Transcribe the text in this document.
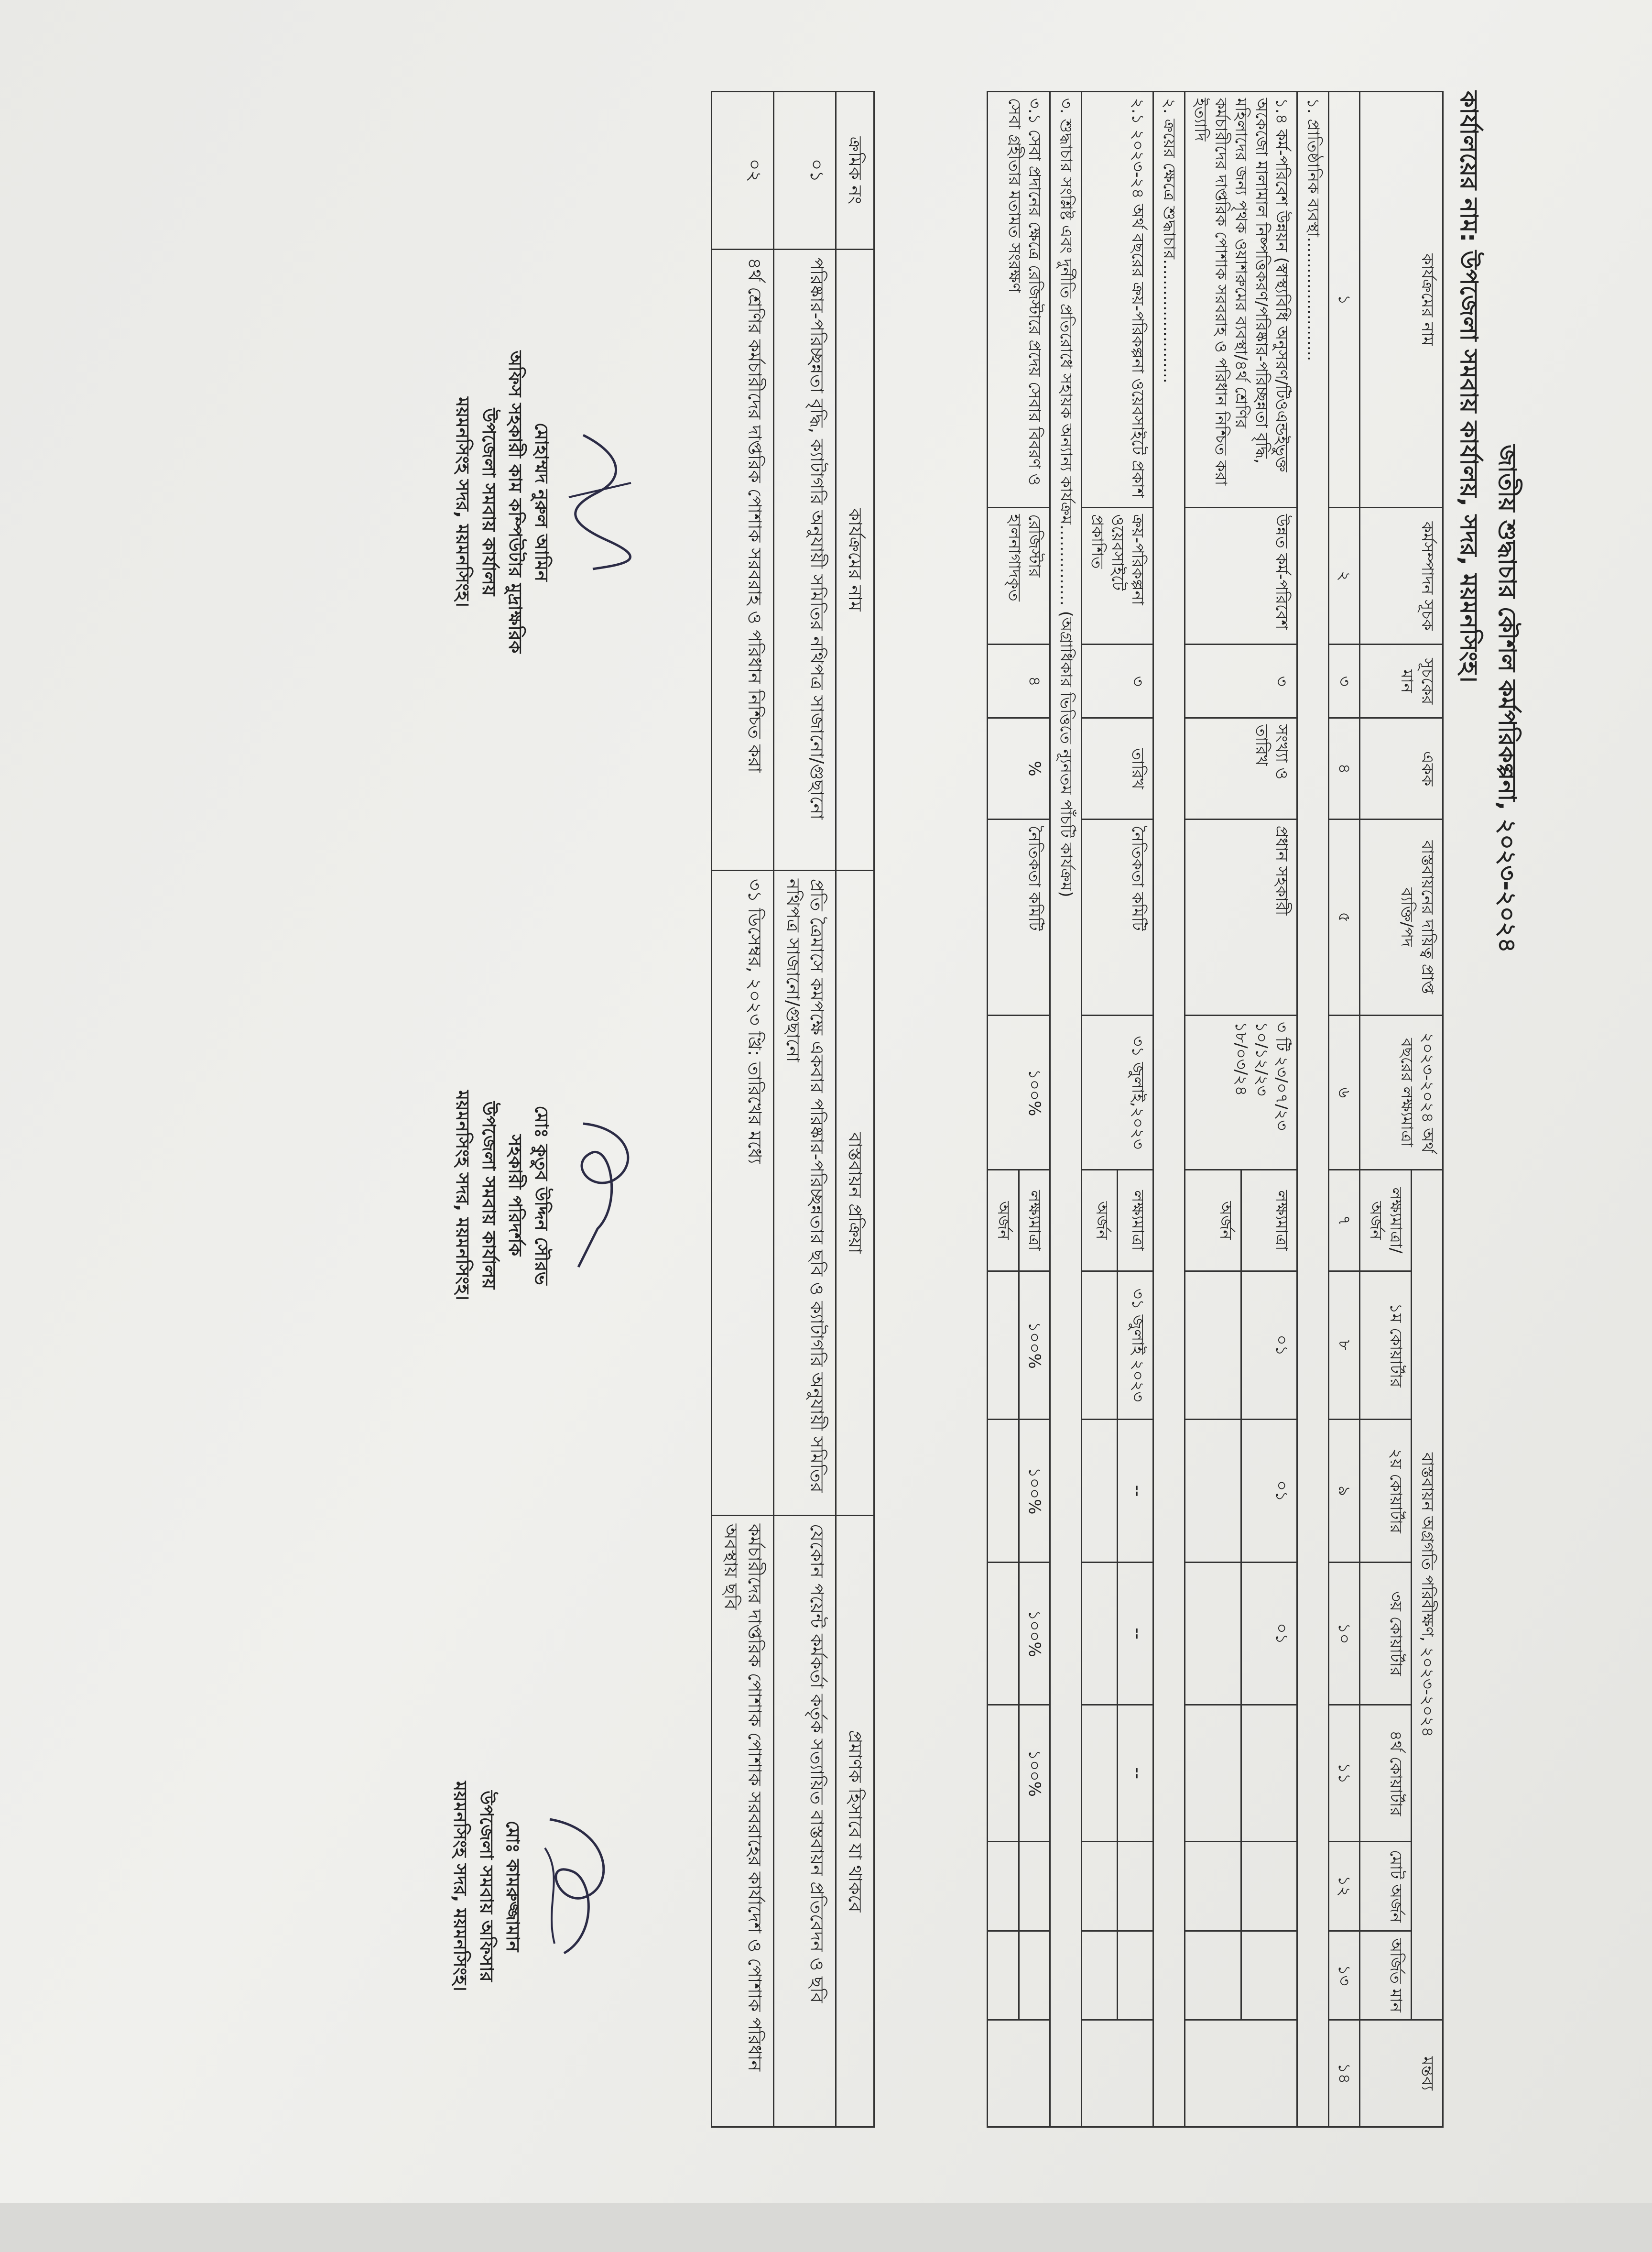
জাতীয় শুদ্ধাচার কৌশল কর্মপরিকল্পনা, ২০২৩-২০২৪
কার্যালয়ের নাম: উপজেলা সমবায় কার্যালয়, সদর, ময়মনসিংহ।
কার্যক্রমের নাম	কর্মসম্পাদন সূচক	সূচকের মান	একক	বাস্তবায়নের দায়িত্ব প্রাপ্ত ব্যক্তি/পদ	২০২৩-২০২৪ অর্থ বছরের লক্ষ্যমাত্রা	বাস্তবায়ন অগ্রগতি পরিবীক্ষণ, ২০২৩-২০২৪							মন্তব্য
						লক্ষ্যমাত্রা/ অর্জন	১ম কোয়ার্টার	২য় কোয়ার্টার	৩য় কোয়ার্টার	৪র্থ কোয়ার্টার	মোট অর্জন	অর্জিত মান	
১	২	৩	৪	৫	৬	৭	৮	৯	১০	১১	১২	১৩	১৪
১. প্রাতিষ্ঠানিক ব্যবস্থা........................													
১.৪ কর্ম-পরিবেশ উন্নয়ন (স্বাস্থ্যবিধি অনুসরণ/টিওএন্ডইভুক্ত অকেজো মালামাল নিষ্পত্তিকরণ/পরিষ্কার-পরিচ্ছন্নতা বৃদ্ধি, মহিলাদের জন্য পৃথক ওয়াশরুমের ব্যবস্থা/৪র্থ শ্রেণির কর্মচারীদের দাপ্তরিক পোশাক সরবরাহ ও পরিধান নিশ্চিত করা ইত্যাদি	উন্নত কর্ম-পরিবেশ	৩	সংখ্যা ও তারিখ	প্রধান সহকারী	৩ টি ২৩/০৭/২৩ ১০/১২/২৩ ১৮/০৩/২৪	লক্ষ্যমাত্রা	০১	০১	০১				
						অর্জন							
২. ক্রয়ের ক্ষেত্রে শুদ্ধাচার........................													
২.১ ২০২৩-২৪ অর্থ বছরের ক্রয়-পরিকল্পনা ওয়েবসাইটে প্রকাশ	ক্রয়-পরিকল্পনা ওয়েবসাইটে প্রকাশিত	৩	তারিখ	নৈতিকতা কমিটি	৩১ জুলাই,২০২৩	লক্ষ্যমাত্রা	৩১ জুলাই ২০২৩	--	--	--			
						অর্জন							
৩. শুদ্ধাচার সংশ্লিষ্ট এবং দুর্নীতি প্রতিরোধে সহায়ক অন্যান্য কার্যক্রম…………… (অগ্রাধিকার ভিত্তিতে ন্যূনতম পাঁচটি কার্যক্রম)													
৩.১ সেবা প্রদানের ক্ষেত্রে রেজিস্টারে প্রদেয় সেবার বিবরণ ও সেবা গ্রহীতার মতামত সংরক্ষণ	রেজিস্টার হালনাগাদকৃত	৪	%	নৈতিকতা কমিটি	১০০%	লক্ষ্যমাত্রা	১০০%	১০০%	১০০%	১০০%			
						অর্জন							
ক্রমিক নং	কার্যক্রমের নাম	বাস্তবায়ন প্রক্রিয়া	প্রমাণক হিসাবে যা থাকবে
০১	পরিষ্কার-পরিচ্ছন্নতা বৃদ্ধি, ক্যাটাগরি অনুযায়ী সমিতির নথিপত্র সাজানো/গুছানো	প্রতি ত্রৈমাসে কমপক্ষে একবার পরিষ্কার-পরিচ্ছন্নতার ছবি ও ক্যাটাগরি অনুযায়ী সমিতির নথিপত্র সাজানো/গুছানো	যেকোন পয়েন্ট কর্মকর্তা কর্তৃক সত্যায়িত বাস্তবায়ন প্রতিবেদন ও ছবি
০২	৪র্থ শ্রেণির কর্মচারীদের দাপ্তরিক পোশাক সরবরাহ ও পরিধান নিশ্চিত করা	৩১ ডিসেম্বর, ২০২৩ খ্রি: তারিখের মধ্যে	কর্মচারীদের দাপ্তরিক পোশাক পোশাক সরবরাহের কার্যাদেশ ও পোশাক পরিধান অবস্থায় ছবি
মোহাম্মদ নুরুল আমিন
অফিস সহকারী কাম কম্পিউটার মুদ্রাক্ষরিক
উপজেলা সমবায় কার্যালয়
ময়মনসিংহ সদর, ময়মনসিংহ।
মোঃ কুতুব উদ্দিন সৌরভ
সহকারী পরিদর্শক
উপজেলা সমবায় কার্যালয়
ময়মনসিংহ সদর, ময়মনসিংহ।
মোঃ কামরুজ্জামান
উপজেলা সমবায় অফিসার
ময়মনসিংহ সদর, ময়মনসিংহ।
